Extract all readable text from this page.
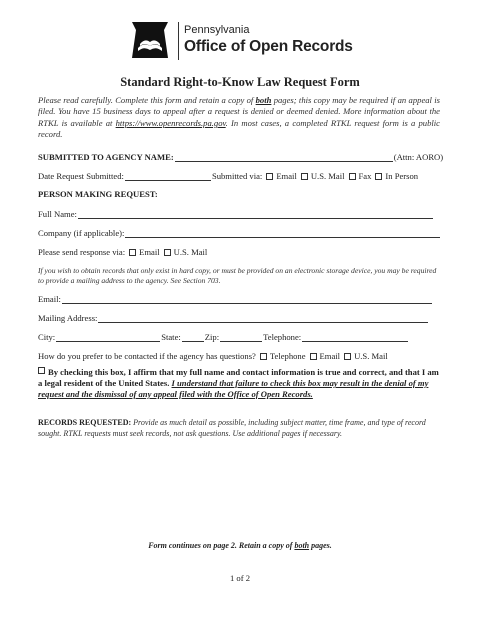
Pennsylvania
Office of Open Records
Standard Right-to-Know Law Request Form
Please read carefully. Complete this form and retain a copy of both pages; this copy may be required if an appeal is filed. You have 15 business days to appeal after a request is denied or deemed denied. More information about the RTKL is available at https://www.openrecords.pa.gov. In most cases, a completed RTKL request form is a public record.
SUBMITTED TO AGENCY NAME:	(Attn: AORO)
Date Request Submitted:	Submitted via: Email U.S. Mail Fax In Person
PERSON MAKING REQUEST:
Full Name:
Company (if applicable):
Please send response via: Email U.S. Mail
If you wish to obtain records that only exist in hard copy, or must be provided on an electronic storage device, you may be required to provide a mailing address to the agency. See Section 703.
Email:
Mailing Address:
City:	State:	Zip:	Telephone:
How do you prefer to be contacted if the agency has questions? Telephone Email U.S. Mail
By checking this box, I affirm that my full name and contact information is true and correct, and that I am a legal resident of the United States. I understand that failure to check this box may result in the denial of my request and the dismissal of any appeal filed with the Office of Open Records.
RECORDS REQUESTED: Provide as much detail as possible, including subject matter, time frame, and type of record sought. RTKL requests must seek records, not ask questions. Use additional pages if necessary.
Form continues on page 2. Retain a copy of both pages.
1 of 2
